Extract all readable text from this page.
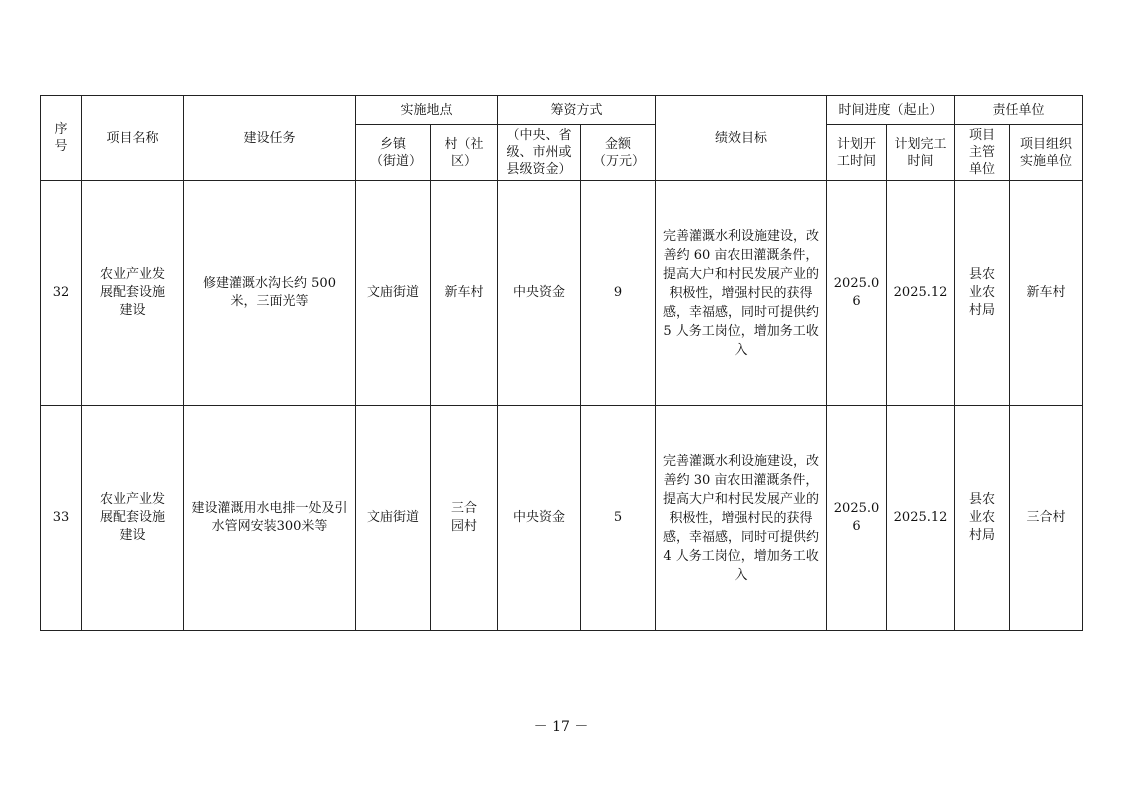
序号	项目名称	建设任务	实施地点		筹资方式		绩效目标	时间进度（起止）		责任单位	
			乡镇（街道）	村（社区）	（中央、省级、市州或县级资金）	金额（万元）		计划开工时间	计划完工时间	项目主管单位	项目组织实施单位
32	农业产业发展配套设施建设	修建灌溉水沟长约 500 米，三面光等	文庙街道	新车村	中央资金	9	完善灌溉水利设施建设，改善约 60 亩农田灌溉条件，提高大户和村民发展产业的积极性，增强村民的获得感，幸福感，同时可提供约 5 人务工岗位，增加务工收入	2025.06	2025.12	县农业农村局	新车村
33	农业产业发展配套设施建设	建设灌溉用水电排一处及引水管网安装300米等	文庙街道	三合园村	中央资金	5	完善灌溉水利设施建设，改善约 30 亩农田灌溉条件，提高大户和村民发展产业的积极性，增强村民的获得感，幸福感，同时可提供约 4 人务工岗位，增加务工收入	2025.06	2025.12	县农业农村局	三合村
－ 17 －
